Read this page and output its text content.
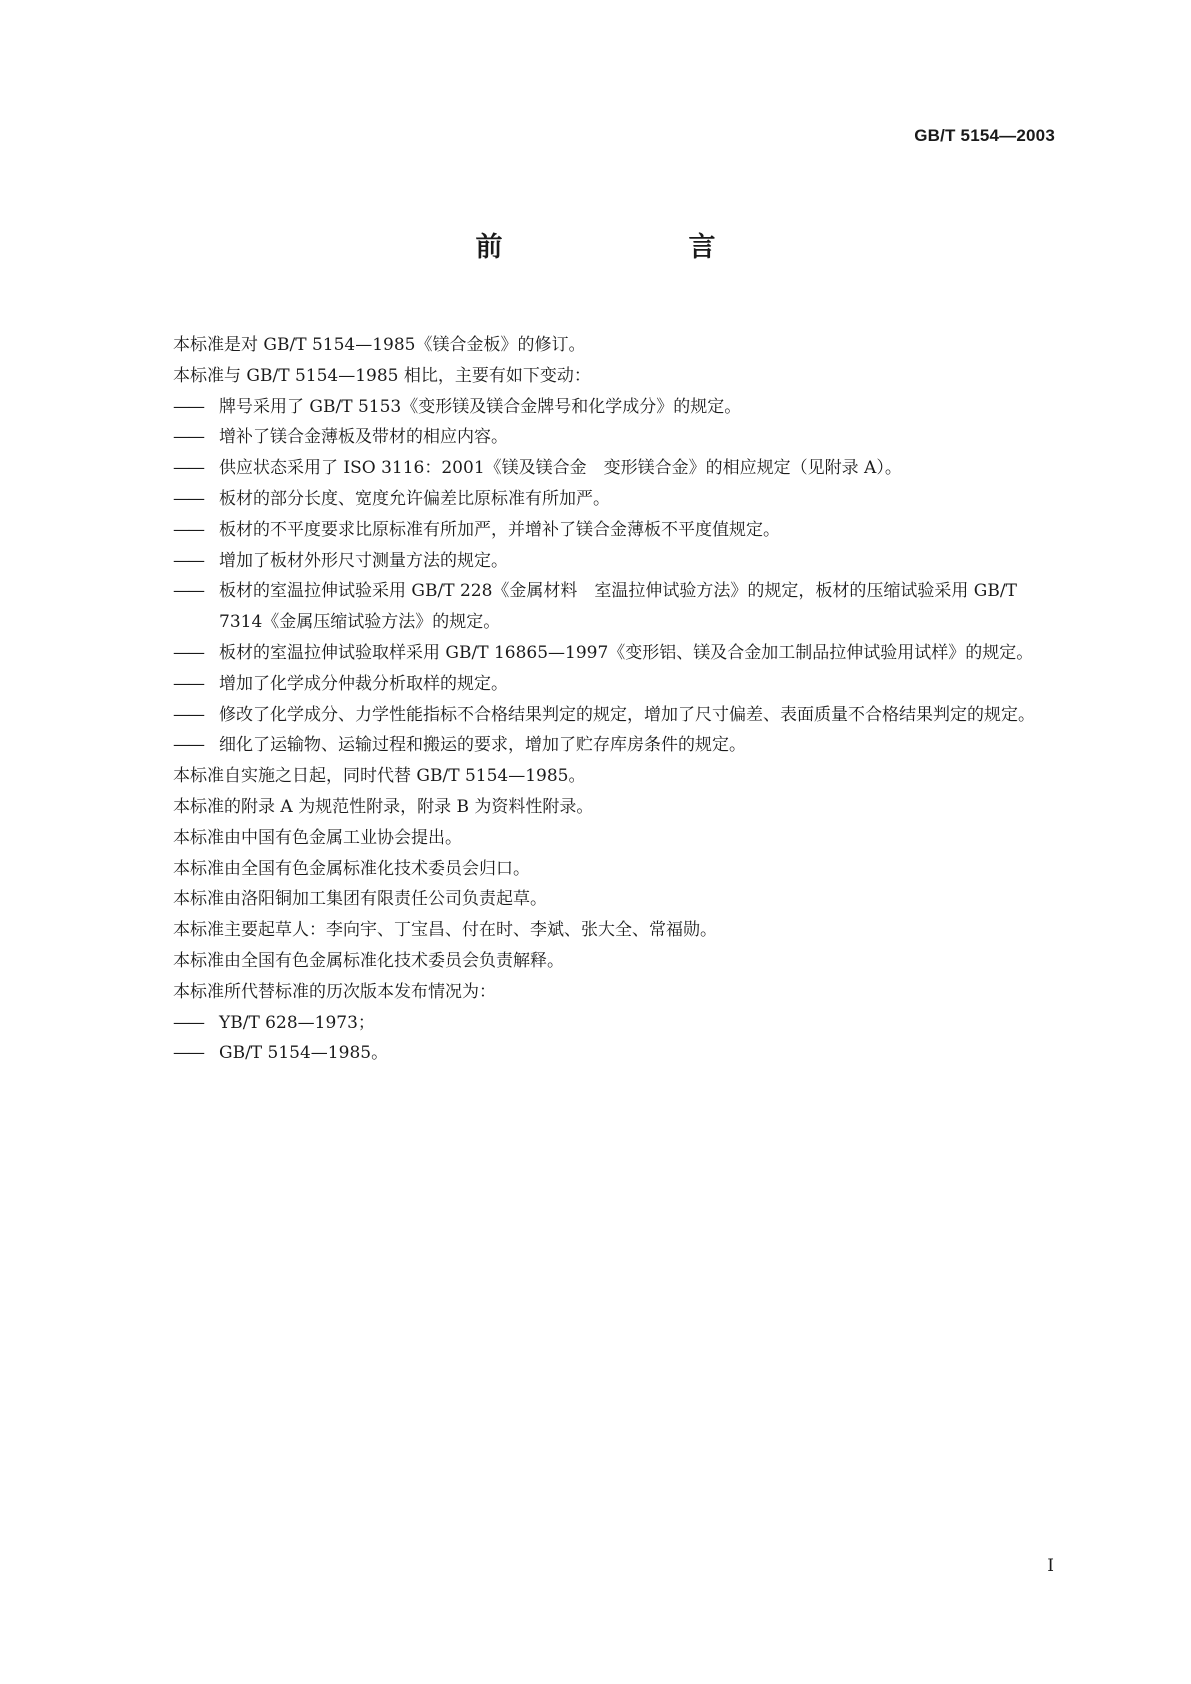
GB/T 5154—2003
前　　言

本标准是对 GB/T 5154—1985《镁合金板》的修订。

本标准与 GB/T 5154—1985 相比，主要有如下变动：

—— 牌号采用了 GB/T 5153《变形镁及镁合金牌号和化学成分》的规定。

—— 增补了镁合金薄板及带材的相应内容。

—— 供应状态采用了 ISO 3116：2001《镁及镁合金　变形镁合金》的相应规定（见附录 A）。

—— 板材的部分长度、宽度允许偏差比原标准有所加严。

—— 板材的不平度要求比原标准有所加严，并增补了镁合金薄板不平度值规定。

—— 增加了板材外形尺寸测量方法的规定。

—— 板材的室温拉伸试验采用 GB/T 228《金属材料　室温拉伸试验方法》的规定，板材的压缩试验采用 GB/T 7314《金属压缩试验方法》的规定。

—— 板材的室温拉伸试验取样采用 GB/T 16865—1997《变形铝、镁及合金加工制品拉伸试验用试样》的规定。

—— 增加了化学成分仲裁分析取样的规定。

—— 修改了化学成分、力学性能指标不合格结果判定的规定，增加了尺寸偏差、表面质量不合格结果判定的规定。

—— 细化了运输物、运输过程和搬运的要求，增加了贮存库房条件的规定。

本标准自实施之日起，同时代替 GB/T 5154—1985。

本标准的附录 A 为规范性附录，附录 B 为资料性附录。

本标准由中国有色金属工业协会提出。

本标准由全国有色金属标准化技术委员会归口。

本标准由洛阳铜加工集团有限责任公司负责起草。

本标准主要起草人：李向宇、丁宝昌、付在时、李斌、张大全、常福勋。

本标准由全国有色金属标准化技术委员会负责解释。

本标准所代替标准的历次版本发布情况为：

—— YB/T 628—1973；

—— GB/T 5154—1985。

I
